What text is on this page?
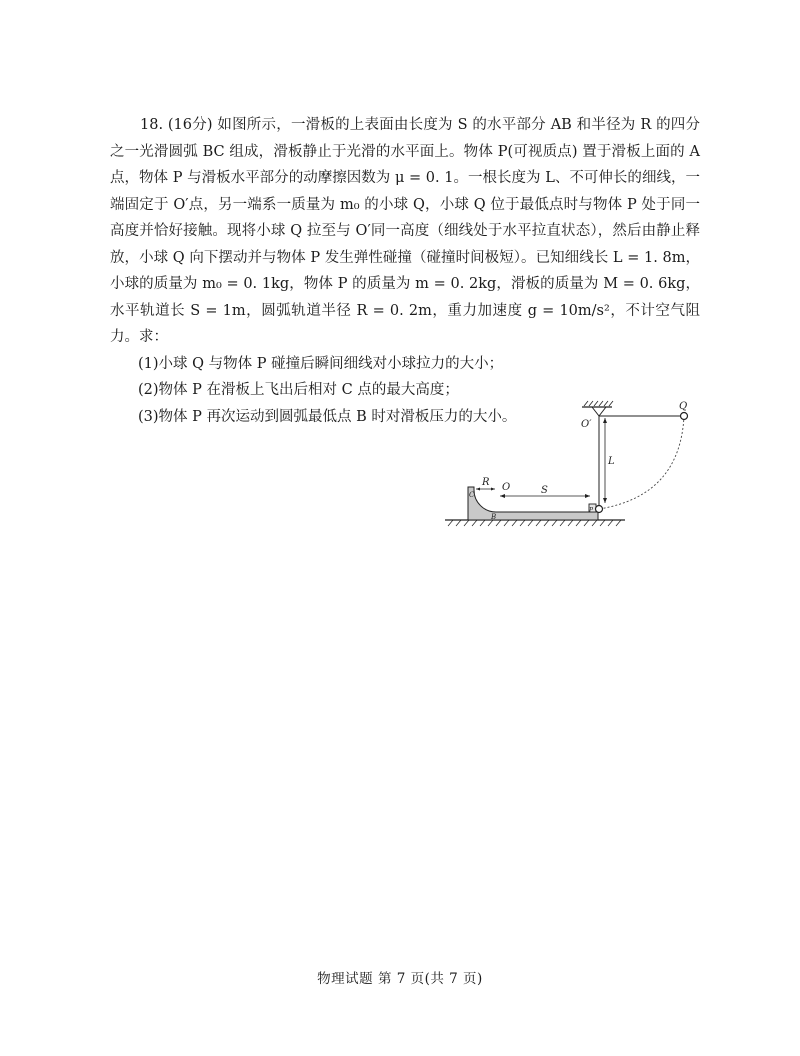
18. (16分) 如图所示，一滑板的上表面由长度为 S 的水平部分 AB 和半径为 R 的四分之一光滑圆弧 BC 组成，滑板静止于光滑的水平面上。物体 P(可视质点) 置于滑板上面的 A 点，物体 P 与滑板水平部分的动摩擦因数为 μ = 0. 1。一根长度为 L、不可伸长的细线，一端固定于 O′点，另一端系一质量为 m₀ 的小球 Q，小球 Q 位于最低点时与物体 P 处于同一高度并恰好接触。现将小球 Q 拉至与 O′同一高度（细线处于水平拉直状态），然后由静止释放，小球 Q 向下摆动并与物体 P 发生弹性碰撞（碰撞时间极短）。已知细线长 L = 1. 8m，小球的质量为 m₀ = 0. 1kg，物体 P 的质量为 m = 0. 2kg，滑板的质量为 M = 0. 6kg，水平轨道长 S = 1m，圆弧轨道半径 R = 0. 2m，重力加速度 g = 10m/s²，不计空气阻力。求：

(1)小球 Q 与物体 P 碰撞后瞬间细线对小球拉力的大小；

(2)物体 P 在滑板上飞出后相对 C 点的最大高度；

(3)物体 P 再次运动到圆弧最低点 B 时对滑板压力的大小。

Q
O′
L
R O	S
C
B
P
物理试题 第 7 页(共 7 页)
